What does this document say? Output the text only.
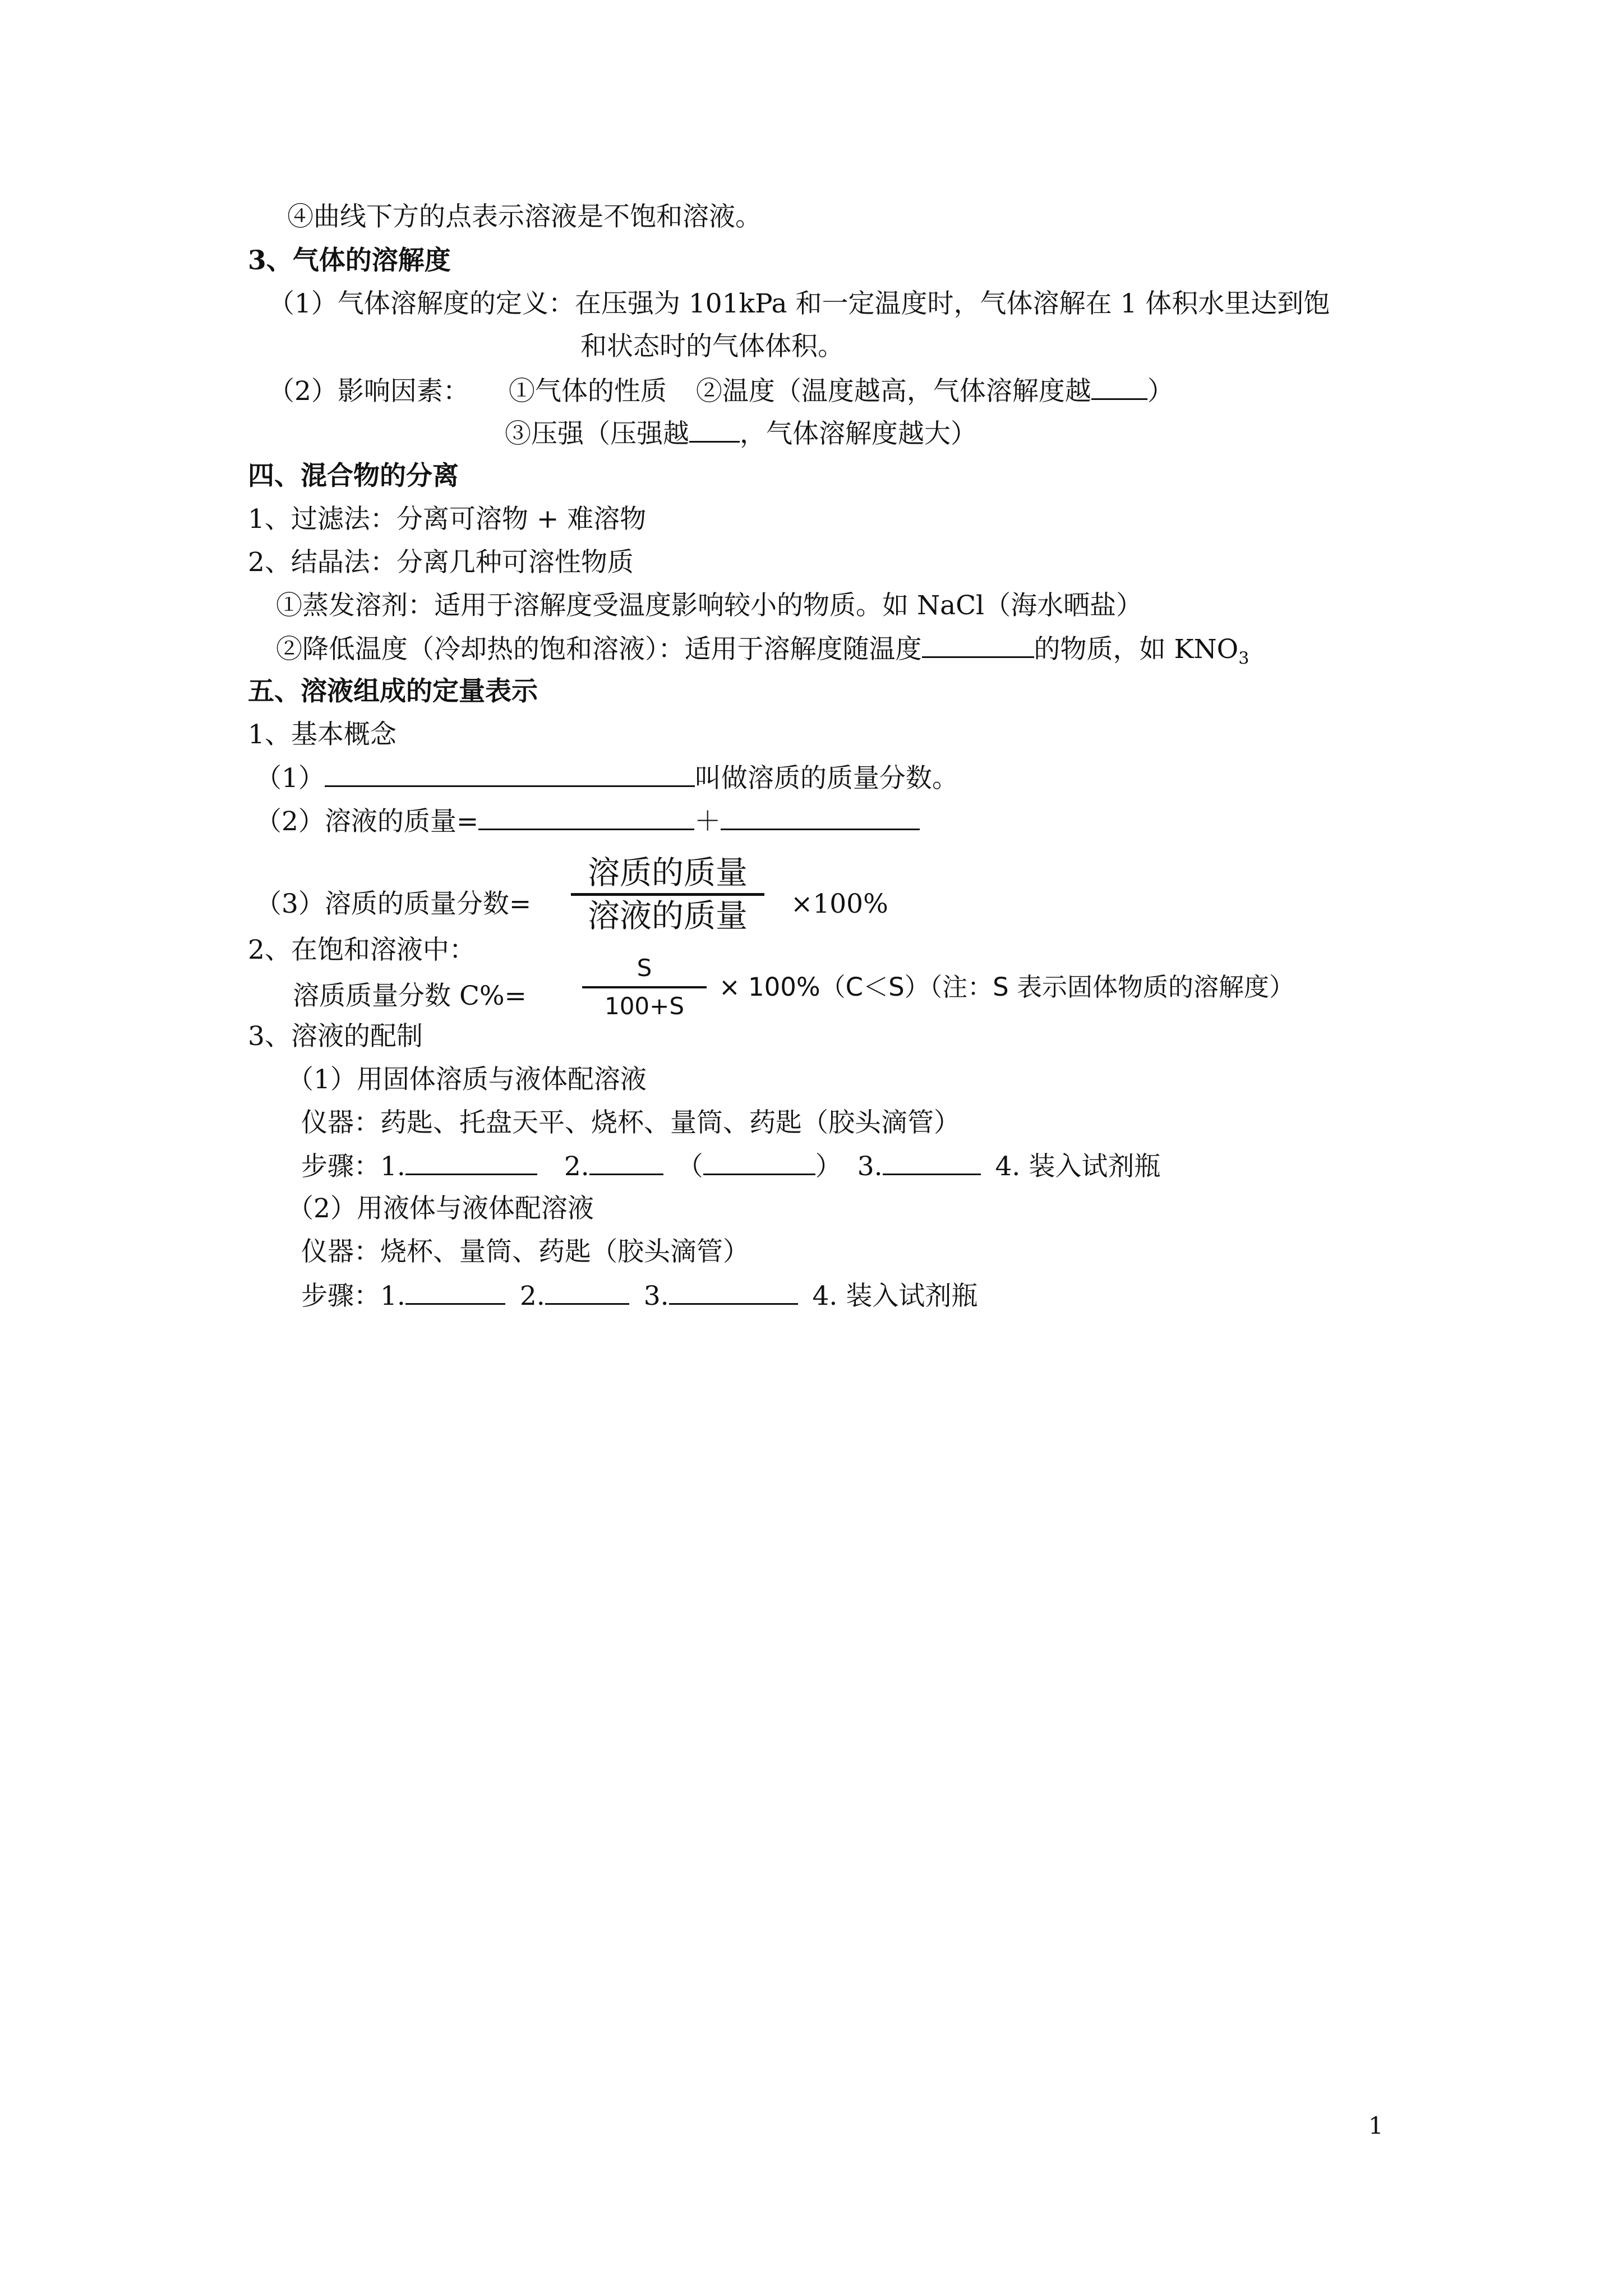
④曲线下方的点表示溶液是不饱和溶液。
3、气体的溶解度
（1）气体溶解度的定义：在压强为 101kPa 和一定温度时，气体溶解在 1 体积水里达到饱
和状态时的气体体积。
（2）影响因素： ①气体的性质 ②温度（温度越高，气体溶解度越 ）
③压强（压强越 ，气体溶解度越大）
四、混合物的分离
1、过滤法：分离可溶物 + 难溶物
2、结晶法：分离几种可溶性物质
①蒸发溶剂：适用于溶解度受温度影响较小的物质。如 NaCl（海水晒盐）
②降低温度（冷却热的饱和溶液）：适用于溶解度随温度	的物质，如 $KNO_3$
五、溶液组成的定量表示
1、基本概念
（1）	叫做溶质的质量分数。
（2）溶液的质量=	＋
（3）溶质的质量分数=
溶质的质量
溶液的质量 ×100%
2、在饱和溶液中：
溶质质量分数 C%=
S
100+S
× 100%（C＜S）（注：S 表示固体物质的溶解度）
3、溶液的配制
（1）用固体溶质与液体配溶液
仪器：药匙、托盘天平、烧杯、量筒、药匙（胶头滴管）
步骤：1.	2.	（	） 3.	4. 装入试剂瓶
（2）用液体与液体配溶液
仪器：烧杯、量筒、药匙（胶头滴管）
步骤：1.	2.	3.	4. 装入试剂瓶
1
